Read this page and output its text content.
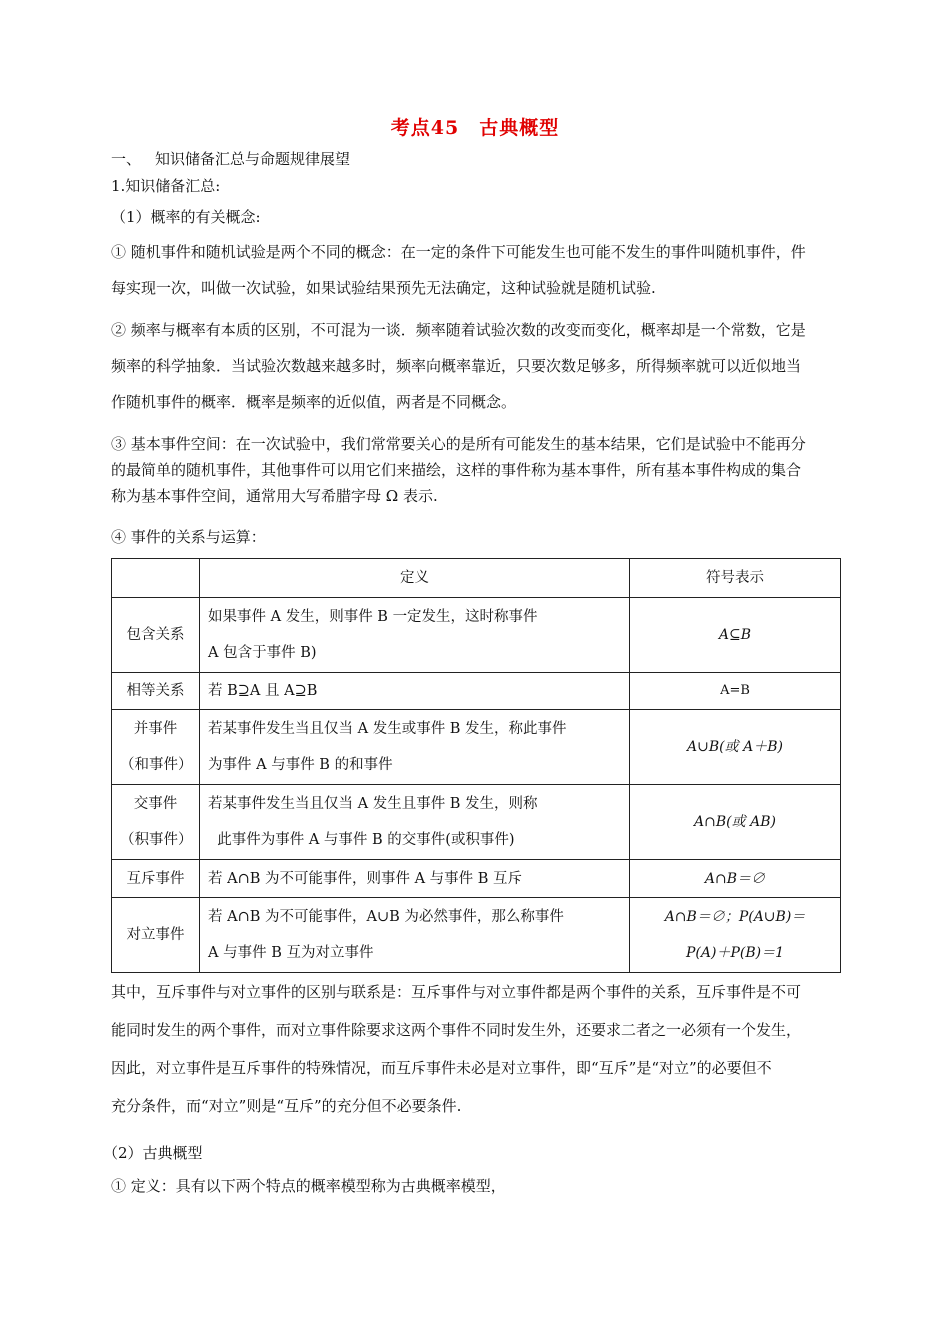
考点45　古典概型
一、 知识储备汇总与命题规律展望
1.知识储备汇总:
（1）概率的有关概念:
① 随机事件和随机试验是两个不同的概念：在一定的条件下可能发生也可能不发生的事件叫随机事件，件
每实现一次，叫做一次试验，如果试验结果预先无法确定，这种试验就是随机试验.
② 频率与概率有本质的区别，不可混为一谈．频率随着试验次数的改变而变化，概率却是一个常数，它是
频率的科学抽象．当试验次数越来越多时，频率向概率靠近，只要次数足够多，所得频率就可以近似地当
作随机事件的概率．概率是频率的近似值，两者是不同概念。
③ 基本事件空间：在一次试验中，我们常常要关心的是所有可能发生的基本结果，它们是试验中不能再分
的最简单的随机事件，其他事件可以用它们来描绘，这样的事件称为基本事件，所有基本事件构成的集合
称为基本事件空间，通常用大写希腊字母 Ω 表示.
④ 事件的关系与运算：
	定义	符号表示

包含关系	如果事件 A 发生，则事件 B 一定发生，这时称事件
A 包含于事件 B)	A⊆B

相等关系	若 B⊇A 且 A⊇B	A=B

并事件
（和事件）	若某事件发生当且仅当 A 发生或事件 B 发生，称此事件
为事件 A 与事件 B 的和事件	A∪B(或 A＋B)

交事件
（积事件）	若某事件发生当且仅当 A 发生且事件 B 发生，则称
此事件为事件 A 与事件 B 的交事件(或积事件)	A∩B(或 AB)

互斥事件	若 A∩B 为不可能事件，则事件 A 与事件 B 互斥	A∩B＝∅

对立事件	若 A∩B 为不可能事件，A∪B 为必然事件，那么称事件
A 与事件 B 互为对立事件	A∩B＝∅；P(A∪B)＝
P(A)＋P(B)＝1
其中，互斥事件与对立事件的区别与联系是：互斥事件与对立事件都是两个事件的关系，互斥事件是不可
能同时发生的两个事件，而对立事件除要求这两个事件不同时发生外，还要求二者之一必须有一个发生，
因此，对立事件是互斥事件的特殊情况，而互斥事件未必是对立事件，即“互斥”是“对立”的必要但不
充分条件，而“对立”则是“互斥”的充分但不必要条件.
（2）古典概型
① 定义：具有以下两个特点的概率模型称为古典概率模型，
